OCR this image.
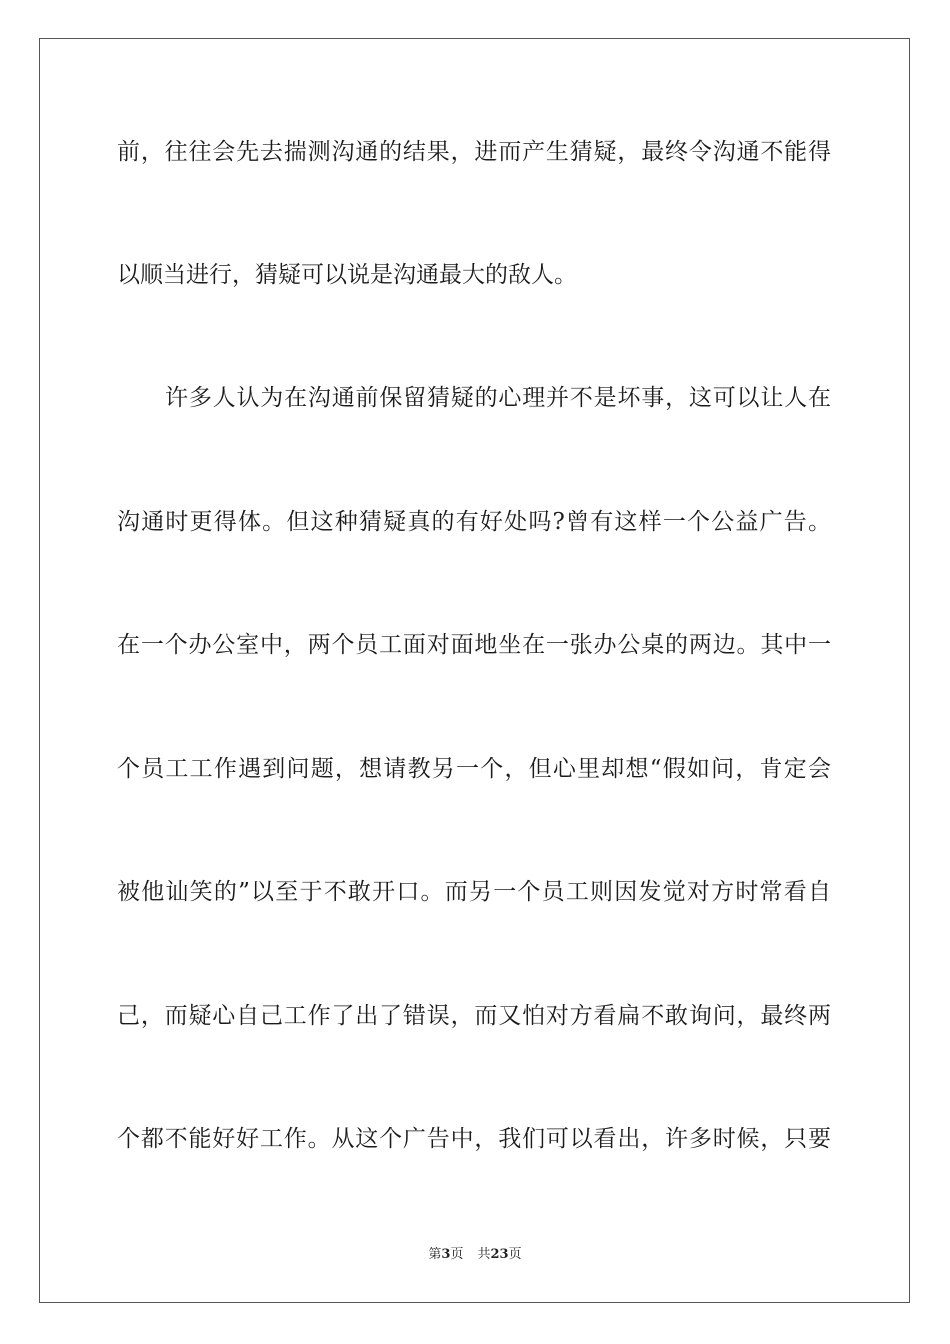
前，往往会先去揣测沟通的结果，进而产生猜疑，最终令沟通不能得
以顺当进行，猜疑可以说是沟通最大的敌人。
许多人认为在沟通前保留猜疑的心理并不是坏事，这可以让人在
沟通时更得体。但这种猜疑真的有好处吗?曾有这样一个公益广告。
在一个办公室中，两个员工面对面地坐在一张办公桌的两边。其中一
个员工工作遇到问题，想请教另一个，但心里却想“假如问，肯定会
被他讪笑的”以至于不敢开口。而另一个员工则因发觉对方时常看自
己，而疑心自己工作了出了错误，而又怕对方看扁不敢询问，最终两
个都不能好好工作。从这个广告中，我们可以看出，许多时候，只要
第3页 共23页
